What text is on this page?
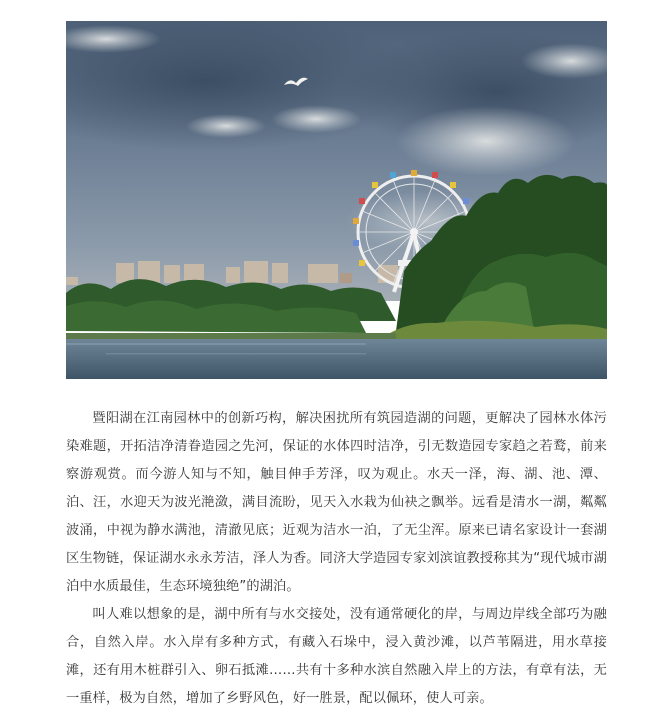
暨阳湖在江南园林中的创新巧构，解决困扰所有筑园造湖的问题，更解决了园林水体污染难题，开拓洁净清眷造园之先河，保证的水体四时洁净，引无数造园专家趋之若鹜，前来察游观赏。而今游人知与不知，触目伸手芳泽，叹为观止。水天一泽，海、湖、池、潭、泊、汪，水迎天为波光滟潋，满目流盼，见天入水栽为仙袂之飘举。远看是清水一湖，粼粼波涌，中视为静水满池，清澈见底；近观为洁水一泊，了无尘浑。原来已请名家设计一套湖区生物链，保证湖水永永芳洁，泽人为香。同济大学造园专家刘滨谊教授称其为“现代城市湖泊中水质最佳，生态环境独绝”的湖泊。

叫人难以想象的是，湖中所有与水交接处，没有通常硬化的岸，与周边岸线全部巧为融合，自然入岸。水入岸有多种方式，有藏入石垛中，浸入黄沙滩，以芦苇隔进，用水草接滩，还有用木桩群引入、卵石抵滩……共有十多种水滨自然融入岸上的方法，有章有法，无一重样，极为自然，增加了乡野风色，好一胜景，配以佩环，使人可亲。
